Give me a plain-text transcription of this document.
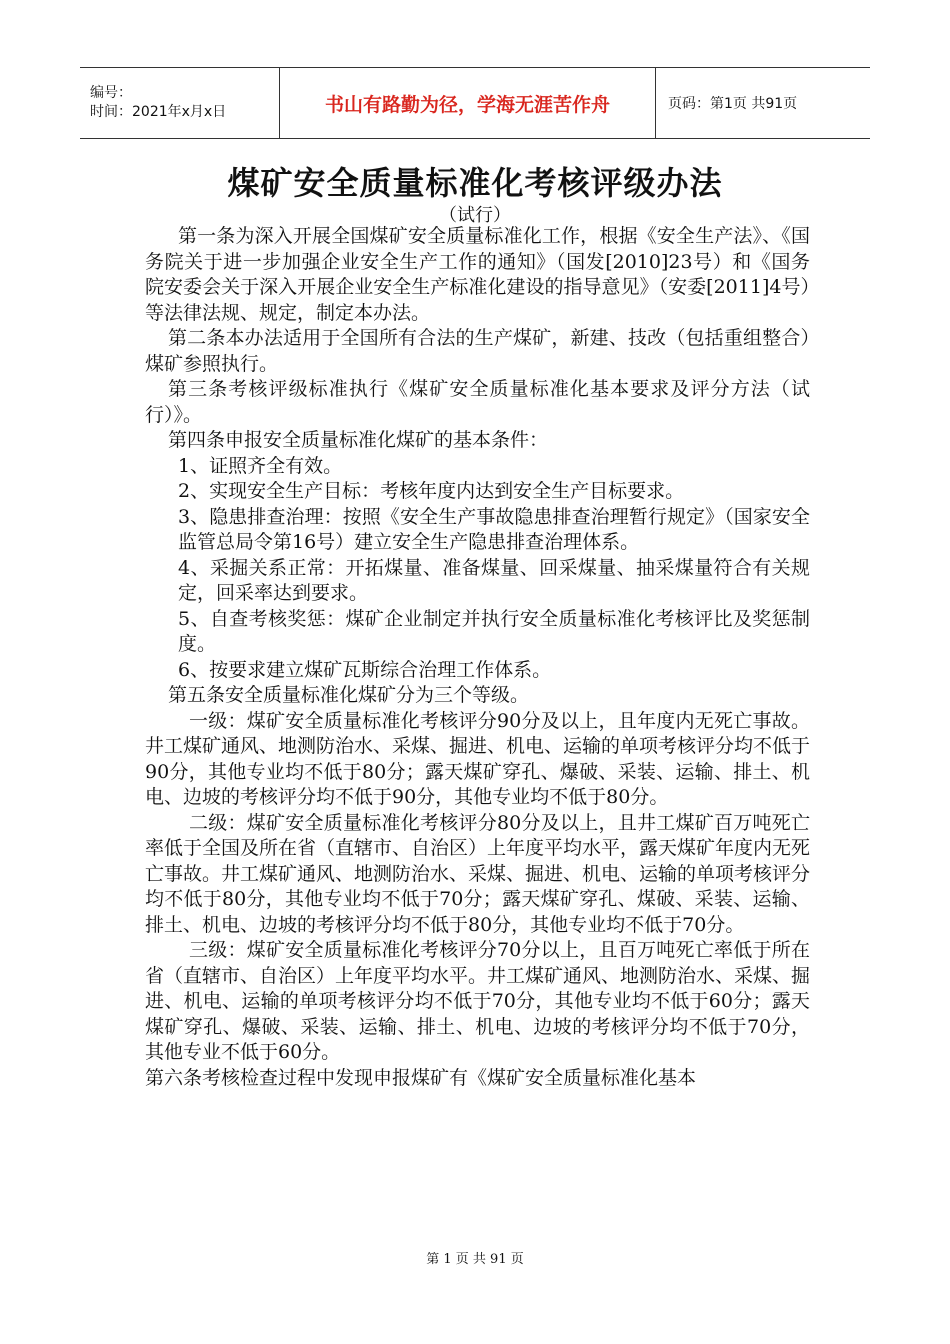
编号：
时间：2021年x月x日	书山有路勤为径，学海无涯苦作舟	页码：第1页 共91页
煤矿安全质量标准化考核评级办法
（试行）

第一条为深入开展全国煤矿安全质量标准化工作，根据《安全生产法》、《国务院关于进一步加强企业安全生产工作的通知》（国发[2010]23号）和《国务院安委会关于深入开展企业安全生产标准化建设的指导意见》（安委[2011]4号）等法律法规、规定，制定本办法。

第二条本办法适用于全国所有合法的生产煤矿，新建、技改（包括重组整合）煤矿参照执行。

第三条考核评级标准执行《煤矿安全质量标准化基本要求及评分方法（试行）》。

第四条申报安全质量标准化煤矿的基本条件：

1、证照齐全有效。

2、实现安全生产目标：考核年度内达到安全生产目标要求。

3、隐患排查治理：按照《安全生产事故隐患排查治理暂行规定》（国家安全监管总局令第16号）建立安全生产隐患排查治理体系。

4、采掘关系正常：开拓煤量、准备煤量、回采煤量、抽采煤量符合有关规定，回采率达到要求。

5、自查考核奖惩：煤矿企业制定并执行安全质量标准化考核评比及奖惩制度。

6、按要求建立煤矿瓦斯综合治理工作体系。

第五条安全质量标准化煤矿分为三个等级。

一级：煤矿安全质量标准化考核评分90分及以上，且年度内无死亡事故。井工煤矿通风、地测防治水、采煤、掘进、机电、运输的单项考核评分均不低于90分，其他专业均不低于80分；露天煤矿穿孔、爆破、采装、运输、排土、机电、边坡的考核评分均不低于90分，其他专业均不低于80分。

二级：煤矿安全质量标准化考核评分80分及以上，且井工煤矿百万吨死亡率低于全国及所在省（直辖市、自治区）上年度平均水平，露天煤矿年度内无死亡事故。井工煤矿通风、地测防治水、采煤、掘进、机电、运输的单项考核评分均不低于80分，其他专业均不低于70分；露天煤矿穿孔、煤破、采装、运输、排土、机电、边坡的考核评分均不低于80分，其他专业均不低于70分。

三级：煤矿安全质量标准化考核评分70分以上，且百万吨死亡率低于所在省（直辖市、自治区）上年度平均水平。井工煤矿通风、地测防治水、采煤、掘进、机电、运输的单项考核评分均不低于70分，其他专业均不低于60分；露天煤矿穿孔、爆破、采装、运输、排土、机电、边坡的考核评分均不低于70分，其他专业不低于60分。

第六条考核检查过程中发现申报煤矿有《煤矿安全质量标准化基本

第 1 页 共 91 页
